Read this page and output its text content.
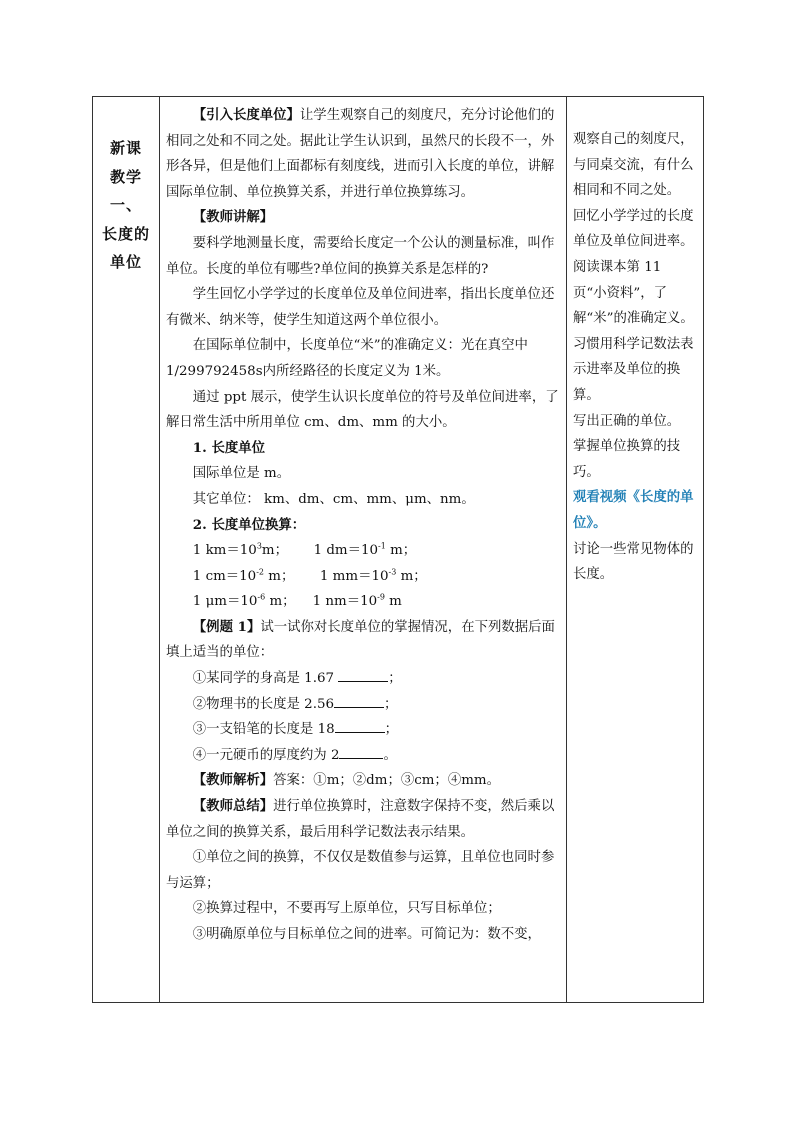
新课
教学
一、
长度的
单位

【引入长度单位】让学生观察自己的刻度尺，充分讨论他们的相同之处和不同之处。据此让学生认识到，虽然尺的长段不一，外形各异，但是他们上面都标有刻度线，进而引入长度的单位，讲解国际单位制、单位换算关系，并进行单位换算练习。

【教师讲解】

要科学地测量长度，需要给长度定一个公认的测量标准，叫作单位。长度的单位有哪些?单位间的换算关系是怎样的?

学生回忆小学学过的长度单位及单位间进率，指出长度单位还有微米、纳米等，使学生知道这两个单位很小。

在国际单位制中，长度单位“米”的准确定义：光在真空中1/299792458s内所经路径的长度定义为 1米。

通过 ppt 展示，使学生认识长度单位的符号及单位间进率，了解日常生活中所用单位 cm、dm、mm 的大小。

1. 长度单位

国际单位是 m。

其它单位： km、dm、cm、mm、μm、nm。

2. 长度单位换算：

1 $km=10^3m$； 1 $dm=10^{-1}$ m；

1 $cm=10^{-2}$ m； 1 $mm=10^{-3}$ m；

1 $\mu m=10^{-6}$ m； 1 $nm=10^{-9}$ m

【例题 1】试一试你对长度单位的掌握情况，在下列数据后面填上适当的单位：

①某同学的身高是 1.67	；

②物理书的长度是 2.56	；

③一支铅笔的长度是 18	；

④一元硬币的厚度约为 2	。

【教师解析】答案：①m；②dm；③cm；④mm。

【教师总结】进行单位换算时，注意数字保持不变，然后乘以单位之间的换算关系，最后用科学记数法表示结果。

①单位之间的换算，不仅仅是数值参与运算，且单位也同时参与运算；

②换算过程中，不要再写上原单位，只写目标单位；

③明确原单位与目标单位之间的进率。可简记为：数不变，

观察自己的刻度尺，与同桌交流，有什么相同和不同之处。

回忆小学学过的长度单位及单位间进率。

阅读课本第 11 页“小资料”，了解“米”的准确定义。

习惯用科学记数法表示进率及单位的换算。

写出正确的单位。

掌握单位换算的技巧。

观看视频《长度的单位》。

讨论一些常见物体的长度。
